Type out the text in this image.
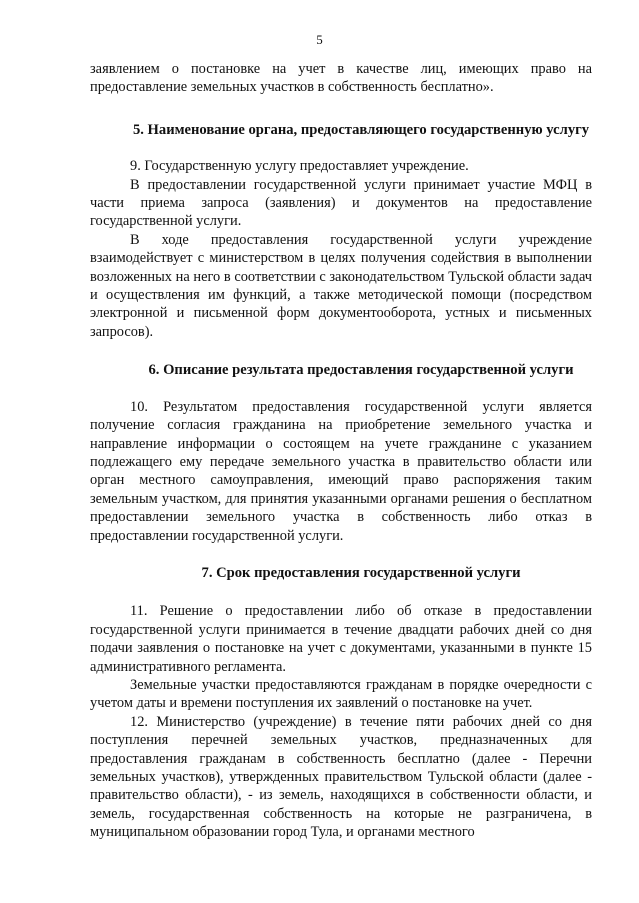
5

заявлением о постановке на учет в качестве лиц, имеющих право на предоставление земельных участков в собственность бесплатно».

5. Наименование органа, предоставляющего государственную услугу

9. Государственную услугу предоставляет учреждение.

В предоставлении государственной услуги принимает участие МФЦ в части приема запроса (заявления) и документов на предоставление государственной услуги.

В ходе предоставления государственной услуги учреждение взаимодействует с министерством в целях получения содействия в выполнении возложенных на него в соответствии с законодательством Тульской области задач и осуществления им функций, а также методической помощи (посредством электронной и письменной форм документооборота, устных и письменных запросов).

6. Описание результата предоставления государственной услуги

10. Результатом предоставления государственной услуги является получение согласия гражданина на приобретение земельного участка и направление информации о состоящем на учете гражданине с указанием подлежащего ему передаче земельного участка в правительство области или орган местного самоуправления, имеющий право распоряжения таким земельным участком, для принятия указанными органами решения о бесплатном предоставлении земельного участка в собственность либо отказ в предоставлении государственной услуги.

7. Срок предоставления государственной услуги

11. Решение о предоставлении либо об отказе в предоставлении государственной услуги принимается в течение двадцати рабочих дней со дня подачи заявления о постановке на учет с документами, указанными в пункте 15 административного регламента.

Земельные участки предоставляются гражданам в порядке очередности с учетом даты и времени поступления их заявлений о постановке на учет.

12. Министерство (учреждение) в течение пяти рабочих дней со дня поступления перечней земельных участков, предназначенных для предоставления гражданам в собственность бесплатно (далее - Перечни земельных участков), утвержденных правительством Тульской области (далее - правительство области), - из земель, находящихся в собственности области, и земель, государственная собственность на которые не разграничена, в муниципальном образовании город Тула, и органами местного
